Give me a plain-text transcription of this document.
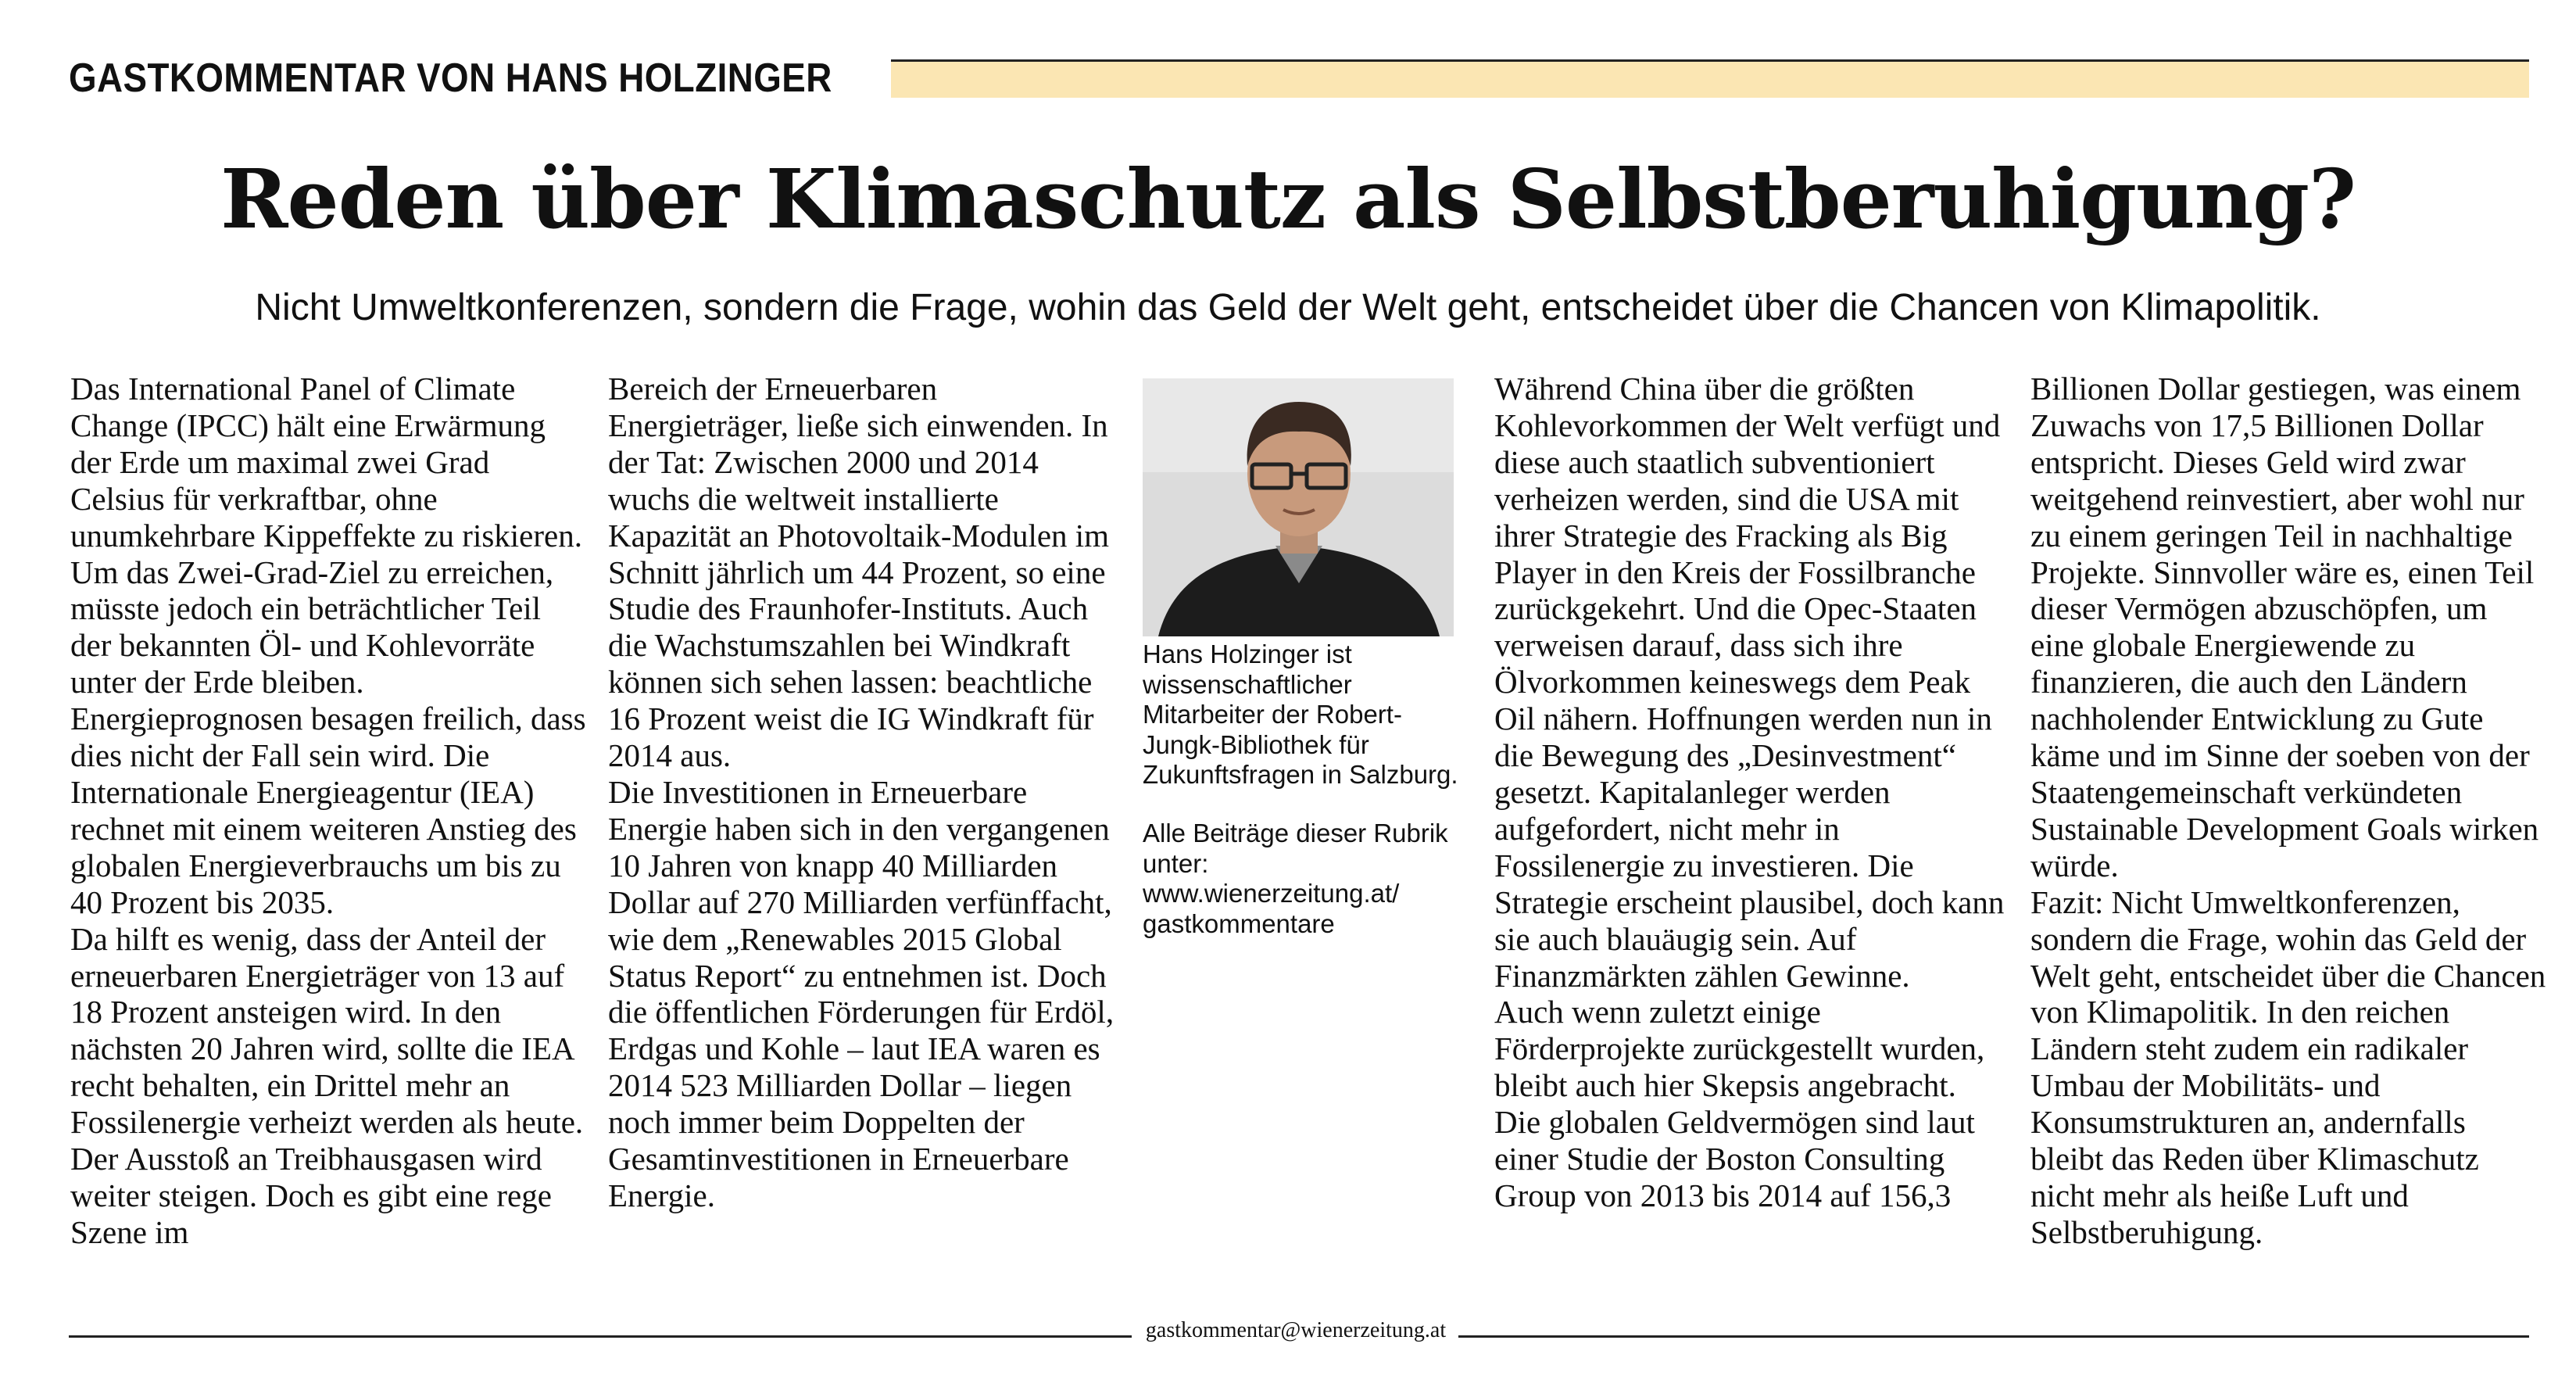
GASTKOMMENTAR VON HANS HOLZINGER
Reden über Klimaschutz als Selbstberuhigung?
Nicht Umweltkonferenzen, sondern die Frage, wohin das Geld der Welt geht, entscheidet über die Chancen von Klimapolitik.

Das International Panel of Climate Change (IPCC) hält eine Erwärmung der Erde um maximal zwei Grad Celsius für verkraftbar, ohne unumkehrbare Kippeffekte zu riskieren. Um das Zwei-Grad-Ziel zu erreichen, müsste jedoch ein beträchtlicher Teil der bekannten Öl- und Kohlevorräte unter der Erde bleiben. Energieprognosen besagen freilich, dass dies nicht der Fall sein wird. Die Internationale Energieagentur (IEA) rechnet mit einem weiteren Anstieg des globalen Energieverbrauchs um bis zu 40 Prozent bis 2035.

Da hilft es wenig, dass der Anteil der erneuerbaren Energieträger von 13 auf 18 Prozent ansteigen wird. In den nächsten 20 Jahren wird, sollte die IEA recht behalten, ein Drittel mehr an Fossilenergie verheizt werden als heute. Der Ausstoß an Treibhausgasen wird weiter steigen. Doch es gibt eine rege Szene im

Bereich der Erneuerbaren Energieträger, ließe sich einwenden. In der Tat: Zwischen 2000 und 2014 wuchs die weltweit installierte Kapazität an Photovoltaik-Modulen im Schnitt jährlich um 44 Prozent, so eine Studie des Fraunhofer-Instituts. Auch die Wachstumszahlen bei Windkraft können sich sehen lassen: beachtliche 16 Prozent weist die IG Windkraft für 2014 aus.

Die Investitionen in Erneuerbare Energie haben sich in den vergangenen 10 Jahren von knapp 40 Milliarden Dollar auf 270 Milliarden verfünffacht, wie dem „Renewables 2015 Global Status Report“ zu entnehmen ist. Doch die öffentlichen Förderungen für Erdöl, Erdgas und Kohle – laut IEA waren es 2014 523 Milliarden Dollar – liegen noch immer beim Doppelten der Gesamtinvestitionen in Erneuerbare Energie.

Hans Holzinger ist wissenschaftlicher Mitarbeiter der Robert-Jungk-Bibliothek für Zukunftsfragen in Salzburg.

Alle Beiträge dieser Rubrik unter:

www.wienerzeitung.at/

gastkommentare

Während China über die größten Kohlevorkommen der Welt verfügt und diese auch staatlich subventioniert verheizen werden, sind die USA mit ihrer Strategie des Fracking als Big Player in den Kreis der Fossilbranche zurückgekehrt. Und die Opec-Staaten verweisen darauf, dass sich ihre Ölvorkommen keineswegs dem Peak Oil nähern. Hoffnungen werden nun in die Bewegung des „Desinvestment“ gesetzt. Kapitalanleger werden aufgefordert, nicht mehr in Fossilenergie zu investieren. Die Strategie erscheint plausibel, doch kann sie auch blauäugig sein. Auf Finanzmärkten zählen Gewinne.

Auch wenn zuletzt einige Förderprojekte zurückgestellt wurden, bleibt auch hier Skepsis angebracht. Die globalen Geldvermögen sind laut einer Studie der Boston Consulting Group von 2013 bis 2014 auf 156,3

Billionen Dollar gestiegen, was einem Zuwachs von 17,5 Billionen Dollar entspricht. Dieses Geld wird zwar weitgehend reinvestiert, aber wohl nur zu einem geringen Teil in nachhaltige Projekte. Sinnvoller wäre es, einen Teil dieser Vermögen abzuschöpfen, um eine globale Energiewende zu finanzieren, die auch den Ländern nachholender Entwicklung zu Gute käme und im Sinne der soeben von der Staatengemeinschaft verkündeten Sustainable Development Goals wirken würde.

Fazit: Nicht Umweltkonferenzen, sondern die Frage, wohin das Geld der Welt geht, entscheidet über die Chancen von Klimapolitik. In den reichen Ländern steht zudem ein radikaler Umbau der Mobilitäts- und Konsumstrukturen an, andernfalls bleibt das Reden über Klimaschutz nicht mehr als heiße Luft und Selbstberuhigung.

gastkommentar@wienerzeitung.at
